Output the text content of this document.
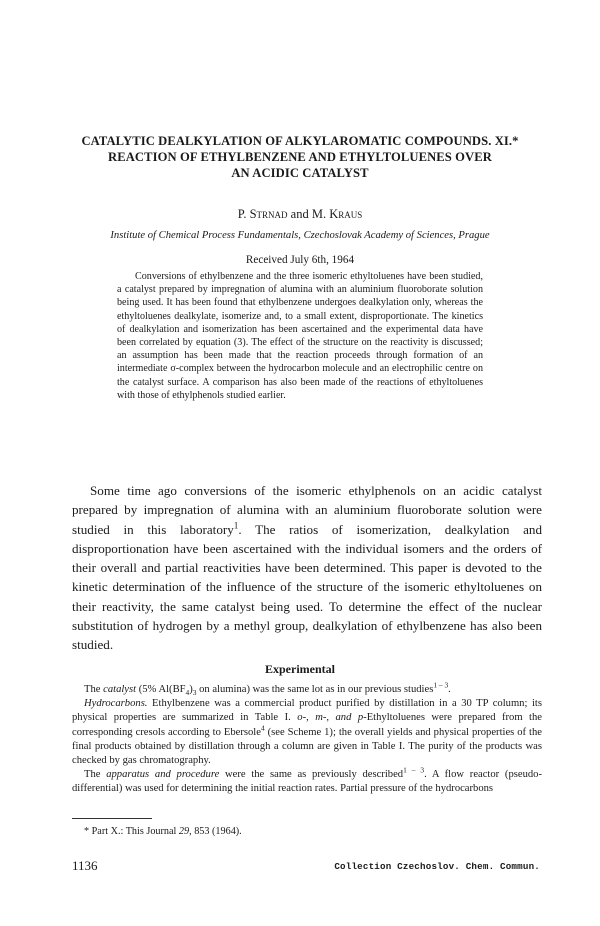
CATALYTIC DEALKYLATION OF ALKYLAROMATIC COMPOUNDS. XI.*
REACTION OF ETHYLBENZENE AND ETHYLTOLUENES OVER
AN ACIDIC CATALYST
P. Strnad and M. Kraus
Institute of Chemical Process Fundamentals, Czechoslovak Academy of Sciences, Prague
Received July 6th, 1964

Conversions of ethylbenzene and the three isomeric ethyltoluenes have been studied, a catalyst prepared by impregnation of alumina with an aluminium fluoroborate solution being used. It has been found that ethylbenzene undergoes dealkylation only, whereas the ethyltoluenes dealkylate, isomerize and, to a small extent, disproportionate. The kinetics of dealkylation and isomerization has been ascertained and the experimental data have been correlated by equation (3). The effect of the structure on the reactivity is discussed; an assumption has been made that the reaction proceeds through formation of an intermediate σ-complex between the hydrocarbon molecule and an electrophilic centre on the catalyst surface. A comparison has also been made of the reactions of ethyltoluenes with those of ethylphenols studied earlier.

Some time ago conversions of the isomeric ethylphenols on an acidic catalyst prepared by impregnation of alumina with an aluminium fluoroborate solution were studied in this laboratory$^1$. The ratios of isomerization, dealkylation and disproportionation have been ascertained with the individual isomers and the orders of their overall and partial reactivities have been determined. This paper is devoted to the kinetic determination of the influence of the structure of the isomeric ethyltoluenes on their reactivity, the same catalyst being used. To determine the effect of the nuclear substitution of hydrogen by a methyl group, dealkylation of ethylbenzene has also been studied.

Experimental

The catalyst (5% $Al(BF_4)_3$ on alumina) was the same lot as in our previous studies$^{1 - 3}$.

Hydrocarbons. Ethylbenzene was a commercial product purified by distillation in a 30 TP column; its physical properties are summarized in Table I. o-, m-, and p-Ethyltoluenes were prepared from the corresponding cresols according to Ebersole$^4$ (see Scheme 1); the overall yields and physical properties of the final products obtained by distillation through a column are given in Table I. The purity of the products was checked by gas chromatography.

The apparatus and procedure were the same as previously described$^{1 - 3}$. A flow reactor (pseudo-differential) was used for determining the initial reaction rates. Partial pressure of the hydrocarbons

* Part X.: This Journal 29, 853 (1964).
1136	Collection Czechoslov. Chem. Commun.
